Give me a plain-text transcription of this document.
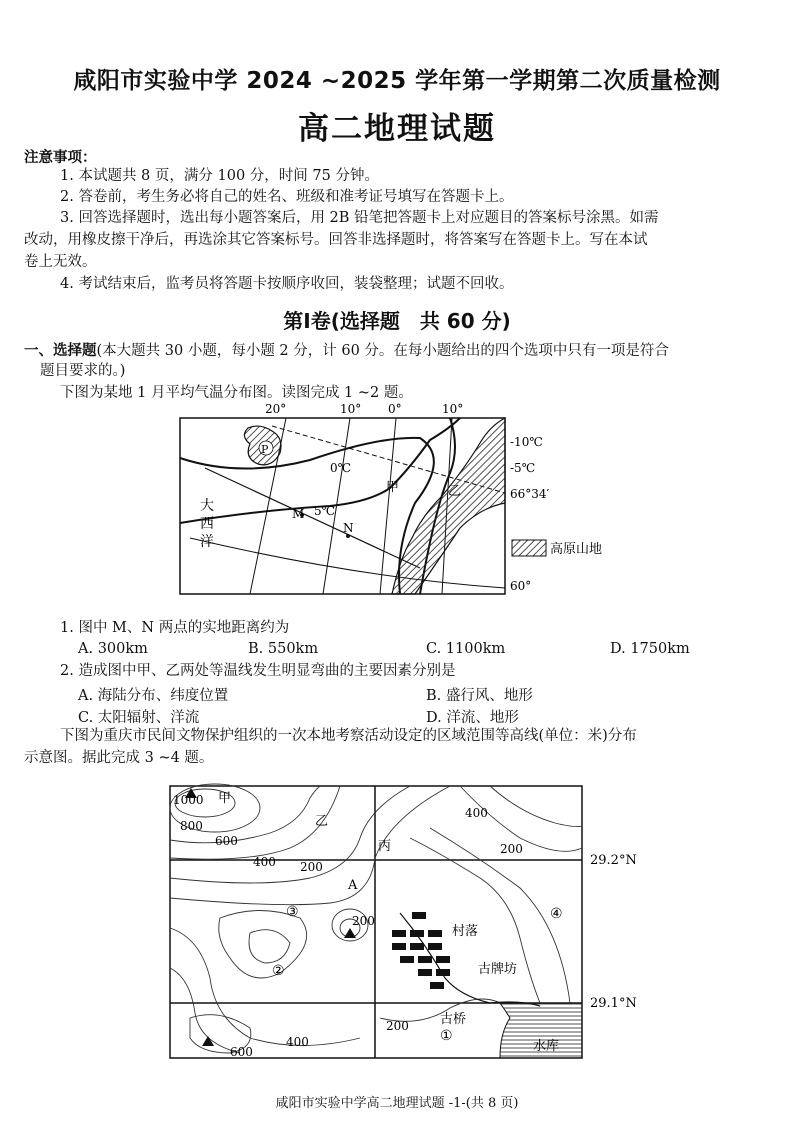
咸阳市实验中学 2024 ~2025 学年第一学期第二次质量检测
高二地理试题
注意事项：
1. 本试题共 8 页，满分 100 分，时间 75 分钟。
2. 答卷前，考生务必将自己的姓名、班级和准考证号填写在答题卡上。
3. 回答选择题时，选出每小题答案后，用 2B 铅笔把答题卡上对应题目的答案标号涂黑。如需
改动，用橡皮擦干净后，再选涂其它答案标号。回答非选择题时，将答案写在答题卡上。写在本试
卷上无效。
4. 考试结束后，监考员将答题卡按顺序收回，装袋整理；试题不回收。
第Ⅰ卷(选择题　共 60 分)
一、选择题(本大题共 30 小题，每小题 2 分，计 60 分。在每小题给出的四个选项中只有一项是符合
题目要求的。)
下图为某地 1 月平均气温分布图。读图完成 1 ~2 题。
20°	10° 0°	10°
-10℃
-5℃
66°34′
60°
0℃
5℃
P
M
N
甲	乙
大
西
洋	高原山地
1. 图中 M、N 两点的实地距离约为
A. 300km	B. 550km	C. 1100km	D. 1750km
2. 造成图中甲、乙两处等温线发生明显弯曲的主要因素分别是
A. 海陆分布、纬度位置	B. 盛行风、地形
C. 太阳辐射、洋流	D. 洋流、地形
下图为重庆市民间文物保护组织的一次本地考察活动设定的区域范围等高线(单位：米)分布
示意图。据此完成 3 ~4 题。
1000
800
600
400
400
200
200
200
600
400
200
甲
乙
丙
A
①
②
③	④
村落
古牌坊
古桥
水库
29.2°N
29.1°N
咸阳市实验中学高二地理试题 -1-(共 8 页)
